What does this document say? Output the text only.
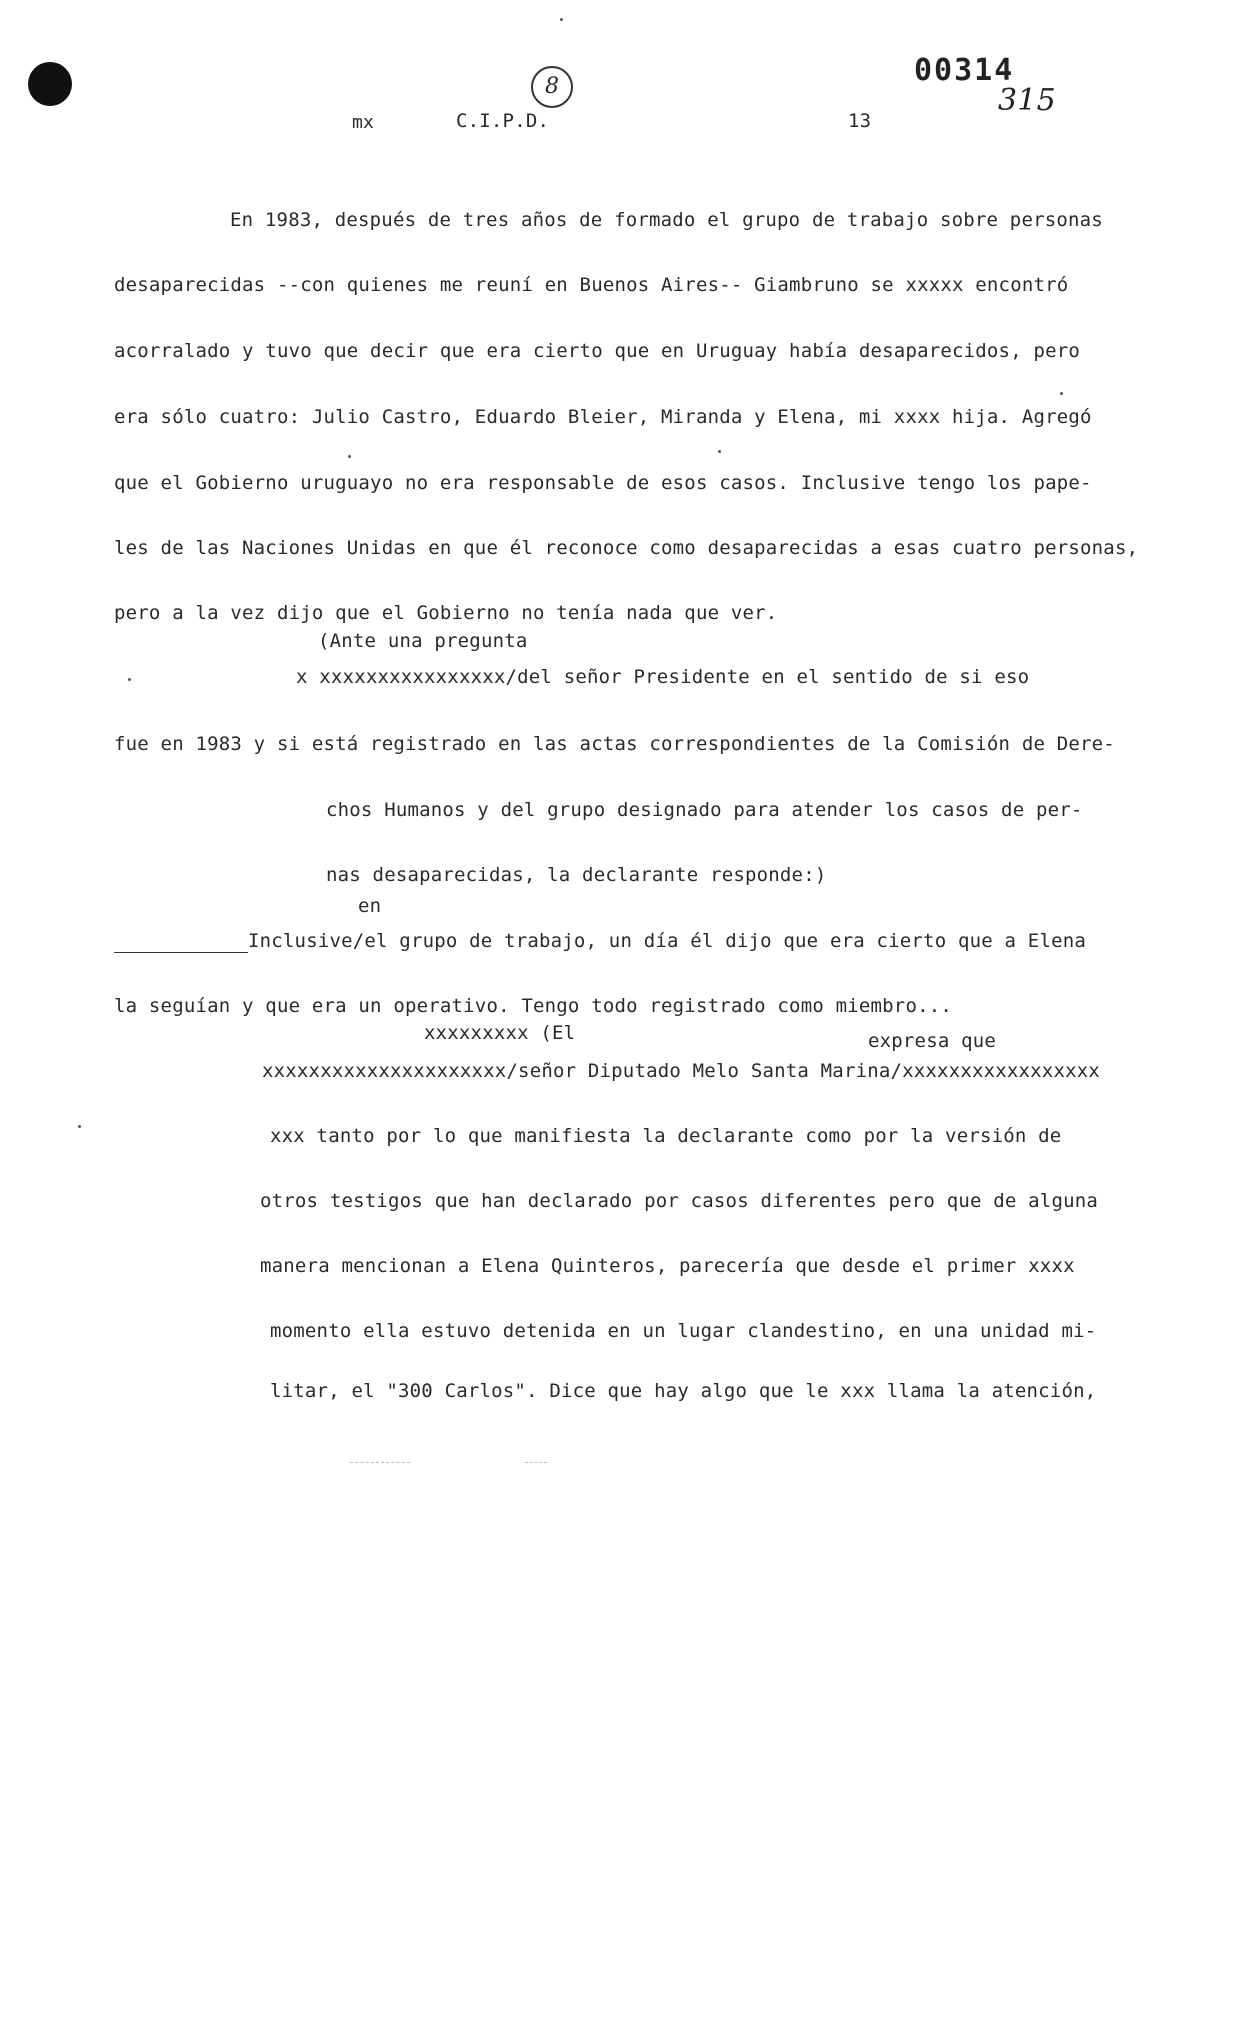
mx	C.I.P.D.
8
13
00314
315
En 1983, después de tres años de formado el grupo de trabajo sobre personas
desaparecidas --con quienes me reuní en Buenos Aires-- Giambruno se xxxxx encontró
acorralado y tuvo que decir que era cierto que en Uruguay había desaparecidos, pero
era sólo cuatro: Julio Castro, Eduardo Bleier, Miranda y Elena, mi xxxx hija. Agregó
que el Gobierno uruguayo no era responsable de esos casos. Inclusive tengo los pape-
les de las Naciones Unidas en que él reconoce como desaparecidas a esas cuatro personas,
pero a la vez dijo que el Gobierno no tenía nada que ver.
(Ante una pregunta
x xxxxxxxxxxxxxxxx/del señor Presidente en el sentido de si eso
fue en 1983 y si está registrado en las actas correspondientes de la Comisión de Dere-
chos Humanos y del grupo designado para atender los casos de per-
nas desaparecidas, la declarante responde:)
en
Inclusive/el grupo de trabajo, un día él dijo que era cierto que a Elena
la seguían y que era un operativo. Tengo todo registrado como miembro...
xxxxxxxxx (El	expresa que
xxxxxxxxxxxxxxxxxxxxx/señor Diputado Melo Santa Marina/xxxxxxxxxxxxxxxxx
xxx tanto por lo que manifiesta la declarante como por la versión de
otros testigos que han declarado por casos diferentes pero que de alguna
manera mencionan a Elena Quinteros, parecería que desde el primer xxxx
momento ella estuvo detenida en un lugar clandestino, en una unidad mi-
litar, el "300 Carlos". Dice que hay algo que le xxx llama la atención,
